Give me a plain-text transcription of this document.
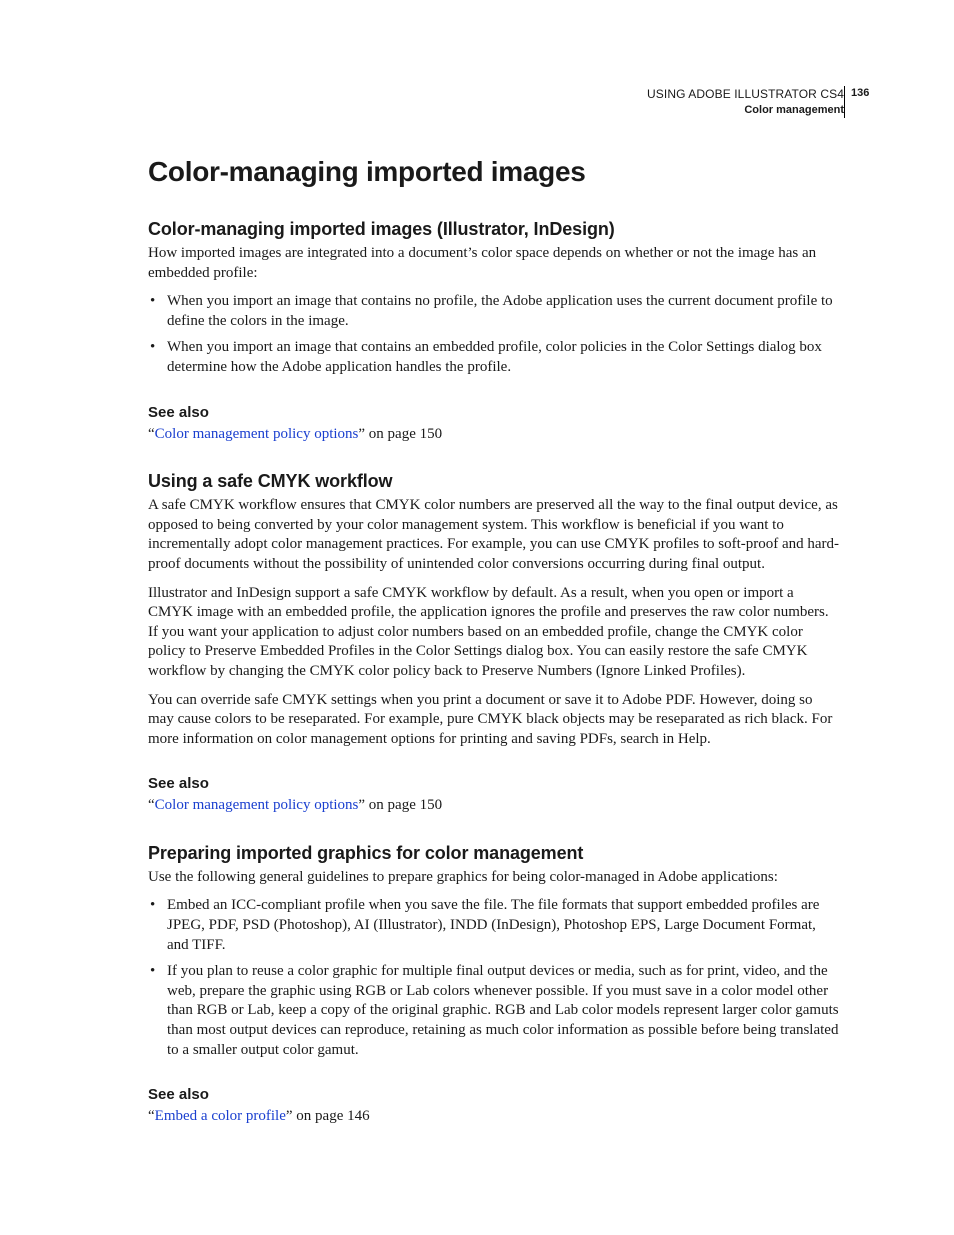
USING ADOBE ILLUSTRATOR CS4
Color management
136
Color-managing imported images
Color-managing imported images (Illustrator, InDesign)

How imported images are integrated into a document’s color space depends on whether or not the image has an embedded profile:

• When you import an image that contains no profile, the Adobe application uses the current document profile to define the colors in the image.
• When you import an image that contains an embedded profile, color policies in the Color Settings dialog box determine how the Adobe application handles the profile.
See also

“Color management policy options” on page 150

Using a safe CMYK workflow

A safe CMYK workflow ensures that CMYK color numbers are preserved all the way to the final output device, as opposed to being converted by your color management system. This workflow is beneficial if you want to incrementally adopt color management practices. For example, you can use CMYK profiles to soft-proof and hard-proof documents without the possibility of unintended color conversions occurring during final output.

Illustrator and InDesign support a safe CMYK workflow by default. As a result, when you open or import a CMYK image with an embedded profile, the application ignores the profile and preserves the raw color numbers. If you want your application to adjust color numbers based on an embedded profile, change the CMYK color policy to Preserve Embedded Profiles in the Color Settings dialog box. You can easily restore the safe CMYK workflow by changing the CMYK color policy back to Preserve Numbers (Ignore Linked Profiles).

You can override safe CMYK settings when you print a document or save it to Adobe PDF. However, doing so may cause colors to be reseparated. For example, pure CMYK black objects may be reseparated as rich black. For more information on color management options for printing and saving PDFs, search in Help.

See also

“Color management policy options” on page 150

Preparing imported graphics for color management

Use the following general guidelines to prepare graphics for being color-managed in Adobe applications:

• Embed an ICC-compliant profile when you save the file. The file formats that support embedded profiles are JPEG, PDF, PSD (Photoshop), AI (Illustrator), INDD (InDesign), Photoshop EPS, Large Document Format, and TIFF.
• If you plan to reuse a color graphic for multiple final output devices or media, such as for print, video, and the web, prepare the graphic using RGB or Lab colors whenever possible. If you must save in a color model other than RGB or Lab, keep a copy of the original graphic. RGB and Lab color models represent larger color gamuts than most output devices can reproduce, retaining as much color information as possible before being translated to a smaller output color gamut.
See also

“Embed a color profile” on page 146
